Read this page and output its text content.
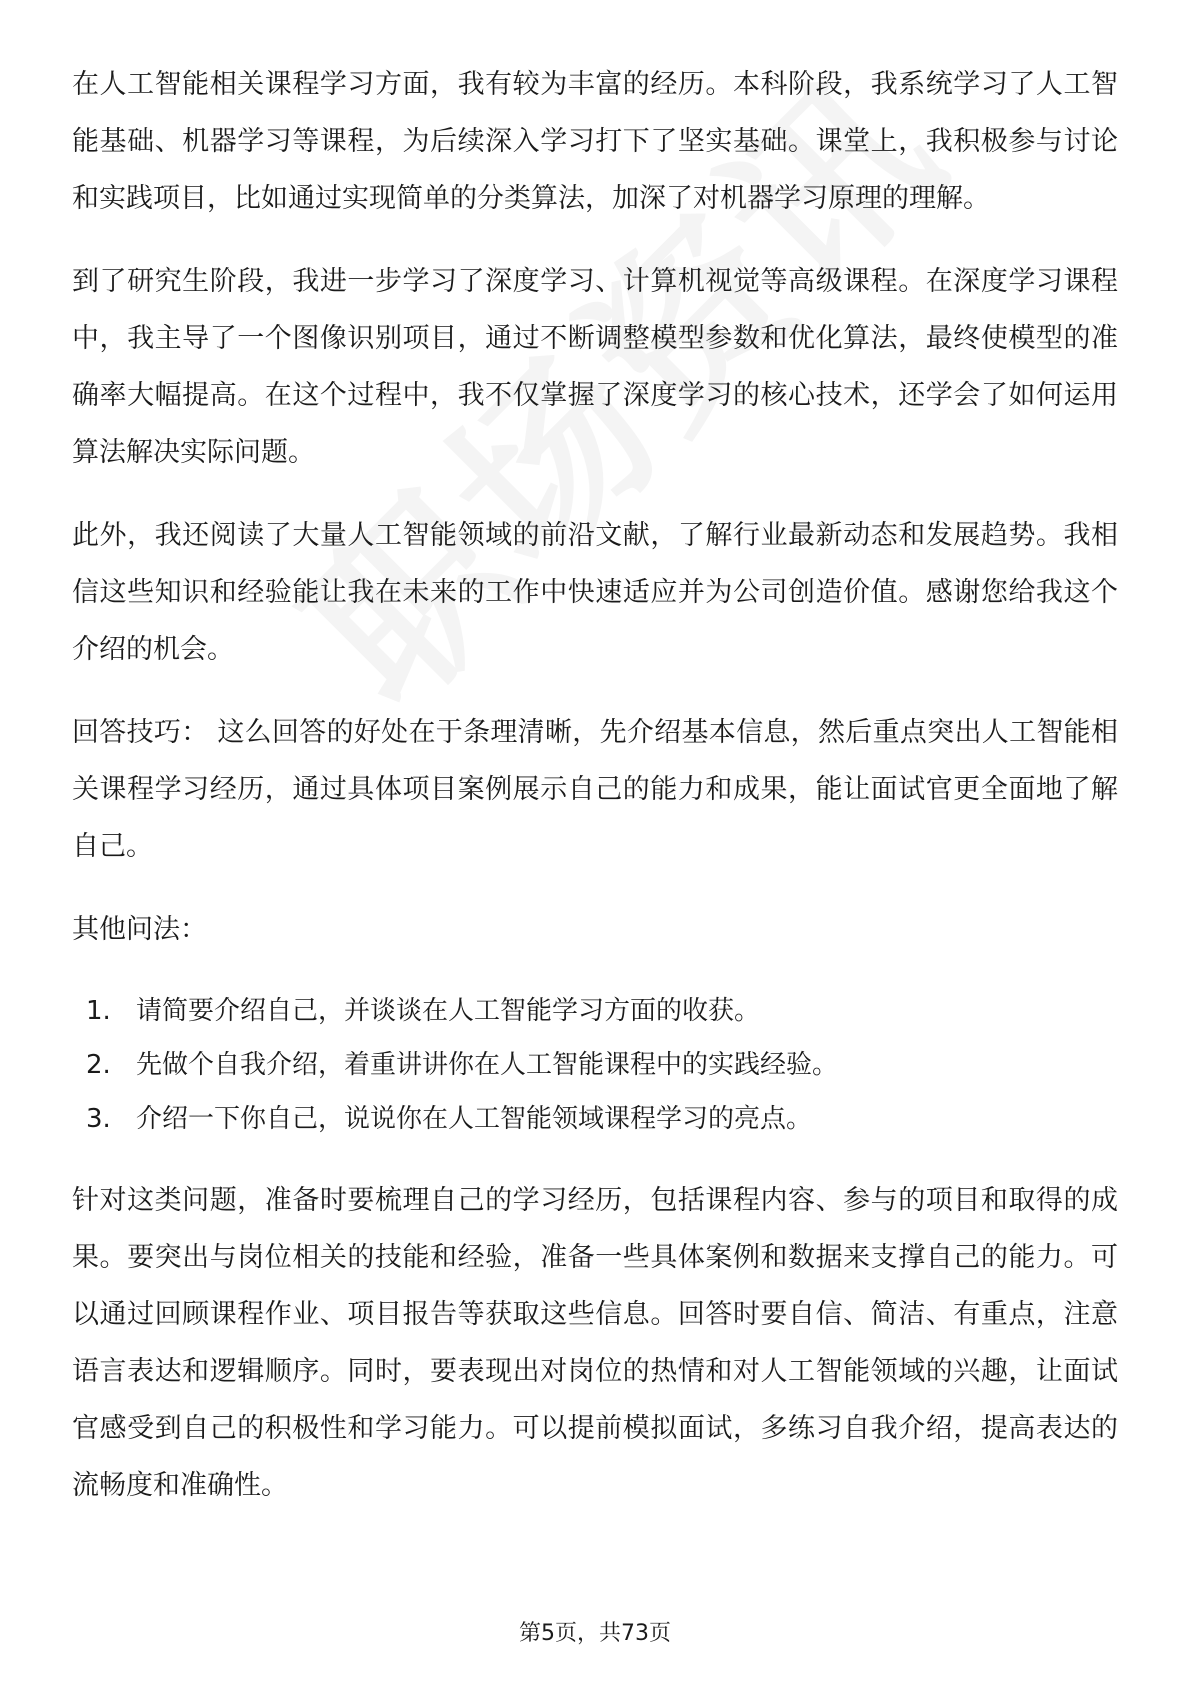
在人工智能相关课程学习方面，我有较为丰富的经历。本科阶段，我系统学习了人工智能基础、机器学习等课程，为后续深入学习打下了坚实基础。课堂上，我积极参与讨论和实践项目，比如通过实现简单的分类算法，加深了对机器学习原理的理解。

到了研究生阶段，我进一步学习了深度学习、计算机视觉等高级课程。在深度学习课程中，我主导了一个图像识别项目，通过不断调整模型参数和优化算法，最终使模型的准确率大幅提高。在这个过程中，我不仅掌握了深度学习的核心技术，还学会了如何运用算法解决实际问题。

此外，我还阅读了大量人工智能领域的前沿文献，了解行业最新动态和发展趋势。我相信这些知识和经验能让我在未来的工作中快速适应并为公司创造价值。感谢您给我这个介绍的机会。

回答技巧： 这么回答的好处在于条理清晰，先介绍基本信息，然后重点突出人工智能相关课程学习经历，通过具体项目案例展示自己的能力和成果，能让面试官更全面地了解自己。

其他问法：

1. 请简要介绍自己，并谈谈在人工智能学习方面的收获。
2. 先做个自我介绍，着重讲讲你在人工智能课程中的实践经验。
3. 介绍一下你自己，说说你在人工智能领域课程学习的亮点。

针对这类问题，准备时要梳理自己的学习经历，包括课程内容、参与的项目和取得的成果。要突出与岗位相关的技能和经验，准备一些具体案例和数据来支撑自己的能力。可以通过回顾课程作业、项目报告等获取这些信息。回答时要自信、简洁、有重点，注意语言表达和逻辑顺序。同时，要表现出对岗位的热情和对人工智能领域的兴趣，让面试官感受到自己的积极性和学习能力。可以提前模拟面试，多练习自我介绍，提高表达的流畅度和准确性。

第5页，共73页
